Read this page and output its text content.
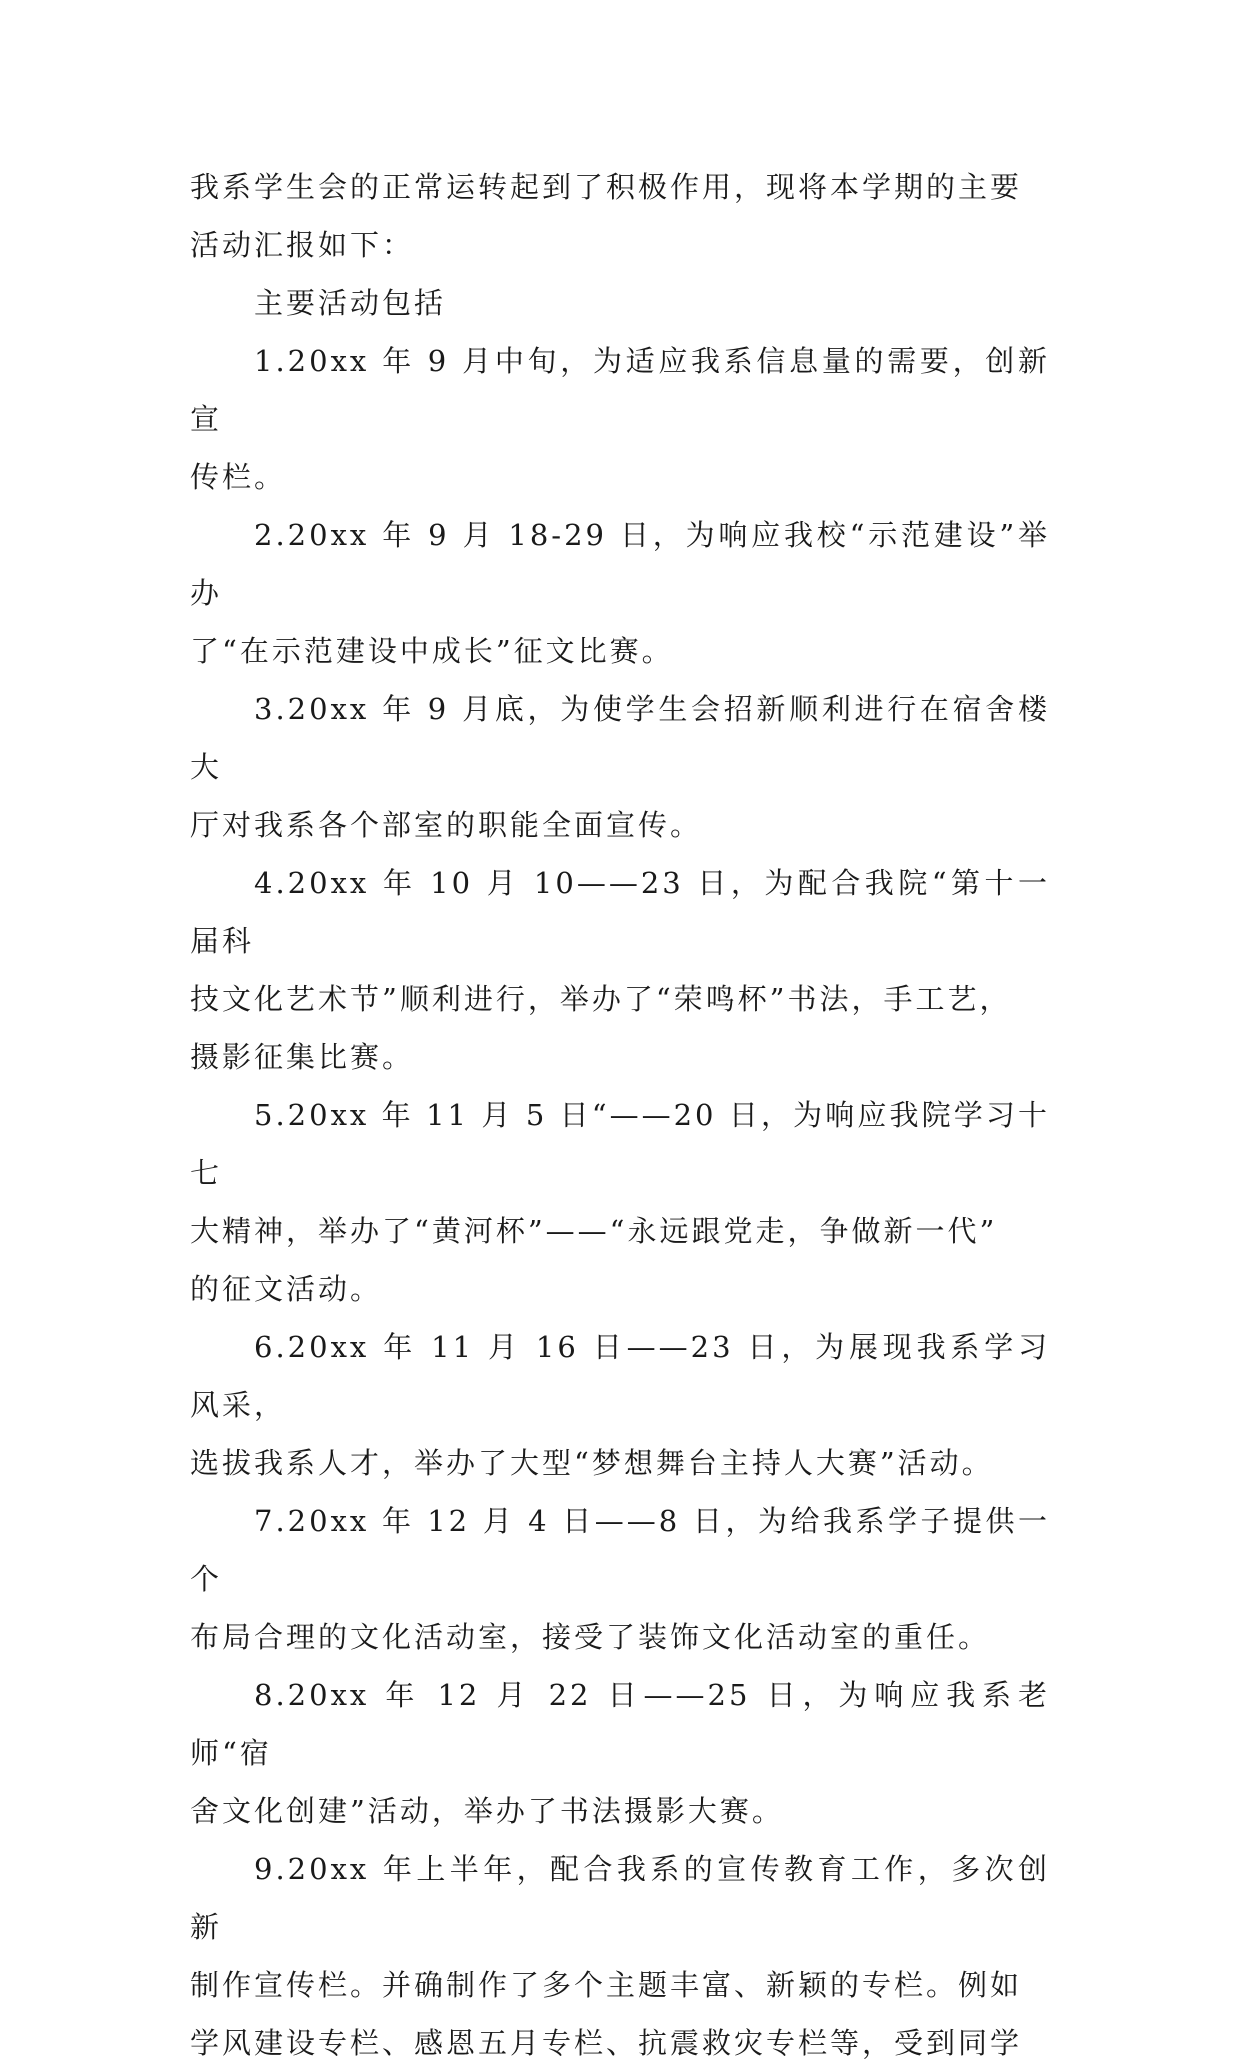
我系学生会的正常运转起到了积极作用，现将本学期的主要
活动汇报如下：

主要活动包括

1.20xx 年 9 月中旬，为适应我系信息量的需要，创新宣
传栏。

2.20xx 年 9 月 18-29 日，为响应我校“示范建设”举办
了“在示范建设中成长”征文比赛。

3.20xx 年 9 月底，为使学生会招新顺利进行在宿舍楼大
厅对我系各个部室的职能全面宣传。

4.20xx 年 10 月 10——23 日，为配合我院“第十一届科
技文化艺术节”顺利进行，举办了“荣鸣杯”书法，手工艺，
摄影征集比赛。

5.20xx 年 11 月 5 日“——20 日，为响应我院学习十七
大精神，举办了“黄河杯”——“永远跟党走，争做新一代”
的征文活动。

6.20xx 年 11 月 16 日——23 日，为展现我系学习风采，
选拔我系人才，举办了大型“梦想舞台主持人大赛”活动。

7.20xx 年 12 月 4 日——8 日，为给我系学子提供一个
布局合理的文化活动室，接受了装饰文化活动室的重任。

8.20xx 年 12 月 22 日——25 日，为响应我系老师“宿
舍文化创建”活动，举办了书法摄影大赛。

9.20xx 年上半年，配合我系的宣传教育工作，多次创新
制作宣传栏。并确制作了多个主题丰富、新颖的专栏。例如
学风建设专栏、感恩五月专栏、抗震救灾专栏等，受到同学
